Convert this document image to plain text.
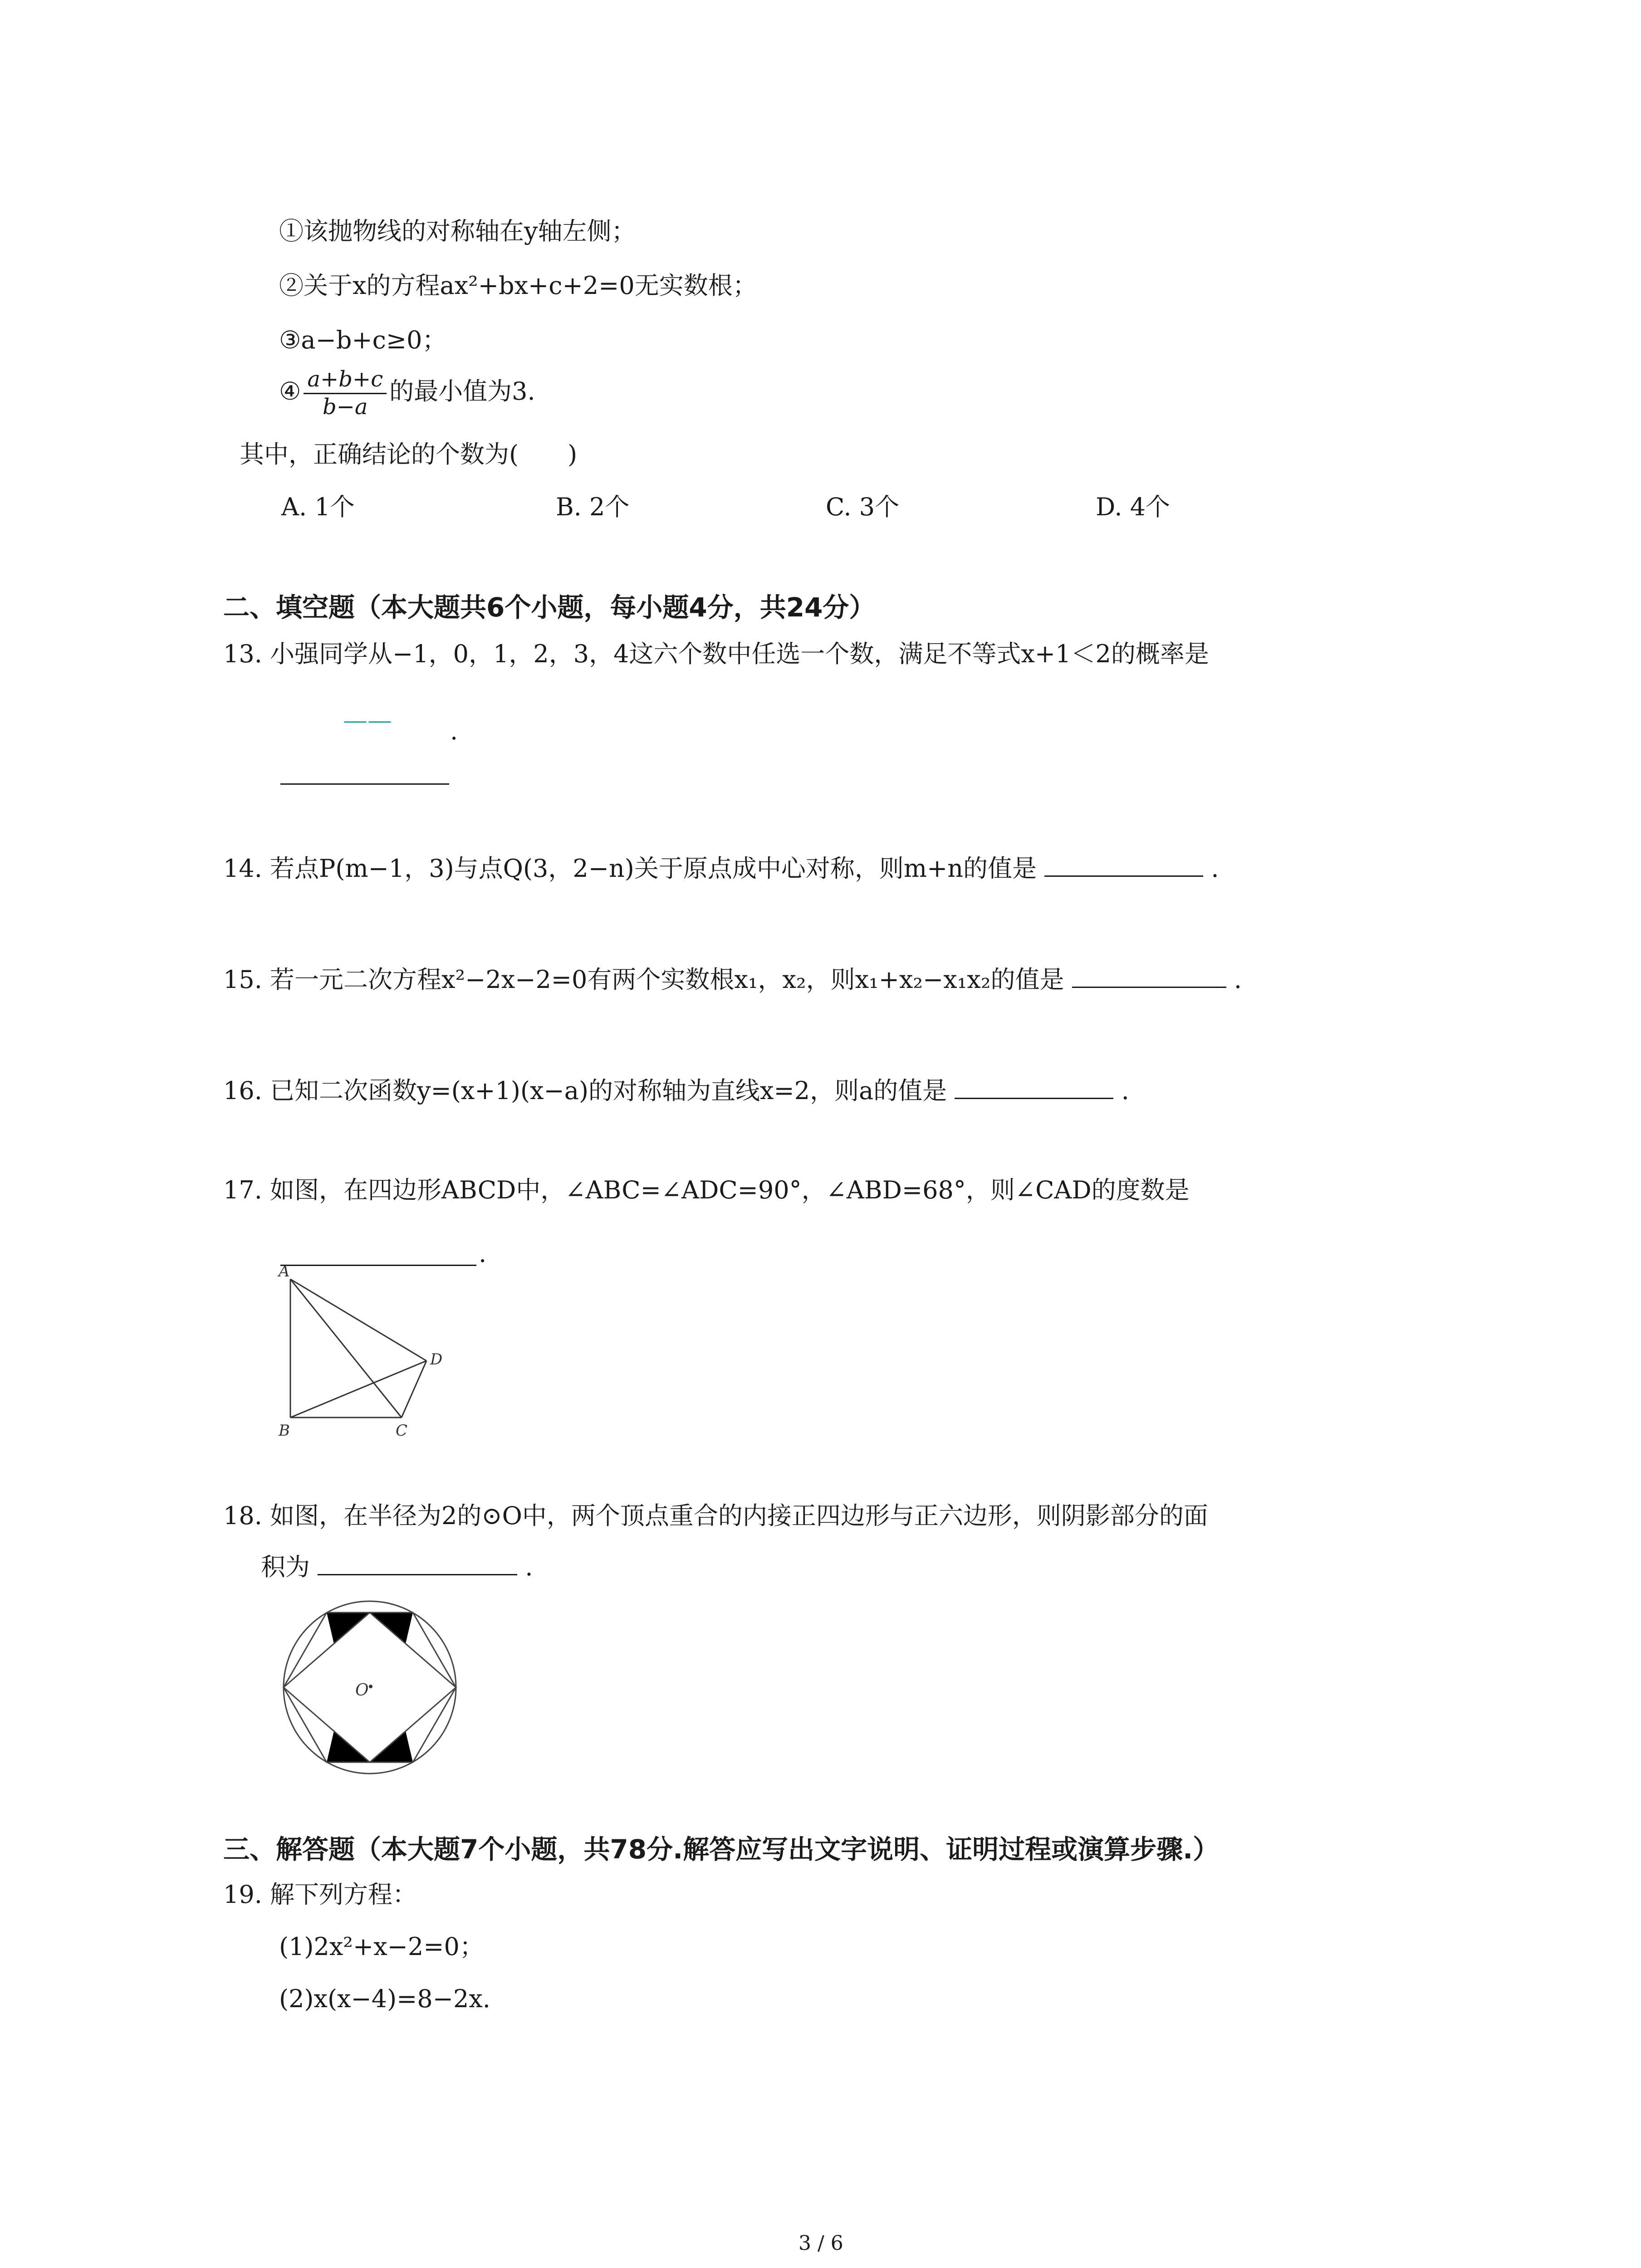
①该抛物线的对称轴在y轴左侧；
②关于x的方程ax²+bx+c+2=0无实数根；
③a−b+c≥0；
④ $\frac{a+b+c}{b-a}$ 的最小值为3.
其中，正确结论的个数为(　　)
A. 1个	B. 2个	C. 3个	D. 4个
二、填空题（本大题共6个小题，每小题4分，共24分）
13. 小强同学从−1，0，1，2，3，4这六个数中任选一个数，满足不等式x+1＜2的概率是
—— .
14. 若点P(m−1，3)与点Q(3，2−n)关于原点成中心对称，则m+n的值是	.
15. 若一元二次方程x²−2x−2=0有两个实数根x₁，x₂，则x₁+x₂−x₁x₂的值是	.
16. 已知二次函数y=(x+1)(x−a)的对称轴为直线x=2，则a的值是	.
17. 如图，在四边形ABCD中，∠ABC=∠ADC=90°，∠ABD=68°，则∠CAD的度数是
.
A
B	C
D
18. 如图，在半径为2的⊙O中，两个顶点重合的内接正四边形与正六边形，则阴影部分的面
积为	.
O
三、解答题（本大题7个小题，共78分.解答应写出文字说明、证明过程或演算步骤.）
19. 解下列方程：
(1)2x²+x−2=0；
(2)x(x−4)=8−2x.
3 / 6
